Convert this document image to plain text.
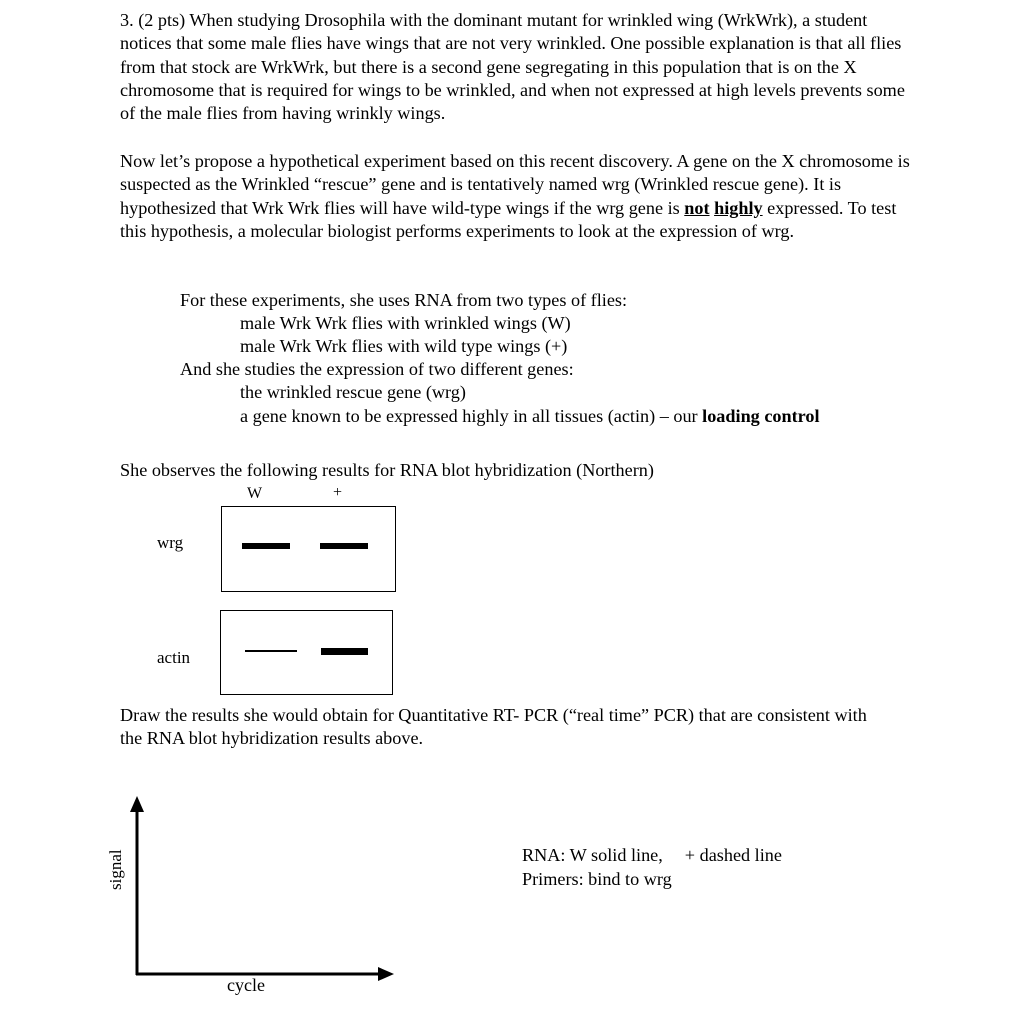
3. (2 pts) When studying Drosophila with the dominant mutant for wrinkled wing (WrkWrk), a student notices that some male flies have wings that are not very wrinkled. One possible explanation is that all flies from that stock are WrkWrk, but there is a second gene segregating in this population that is on the X chromosome that is required for wings to be wrinkled, and when not expressed at high levels prevents some of the male flies from having wrinkly wings.
Now let’s propose a hypothetical experiment based on this recent discovery. A gene on the X chromosome is suspected as the Wrinkled “rescue” gene and is tentatively named wrg (Wrinkled rescue gene). It is hypothesized that Wrk Wrk flies will have wild-type wings if the wrg gene is not highly expressed. To test this hypothesis, a molecular biologist performs experiments to look at the expression of wrg.
For these experiments, she uses RNA from two types of flies:
male Wrk Wrk flies with wrinkled wings (W)
male Wrk Wrk flies with wild type wings (+)
And she studies the expression of two different genes:
the wrinkled rescue gene (wrg)
a gene known to be expressed highly in all tissues (actin) – our loading control
She observes the following results for RNA blot hybridization (Northern)
W	+
wrg
actin
Draw the results she would obtain for Quantitative RT- PCR (“real time” PCR) that are consistent with the RNA blot hybridization results above.
signal
cycle
RNA: W solid line, + dashed line
Primers: bind to wrg
